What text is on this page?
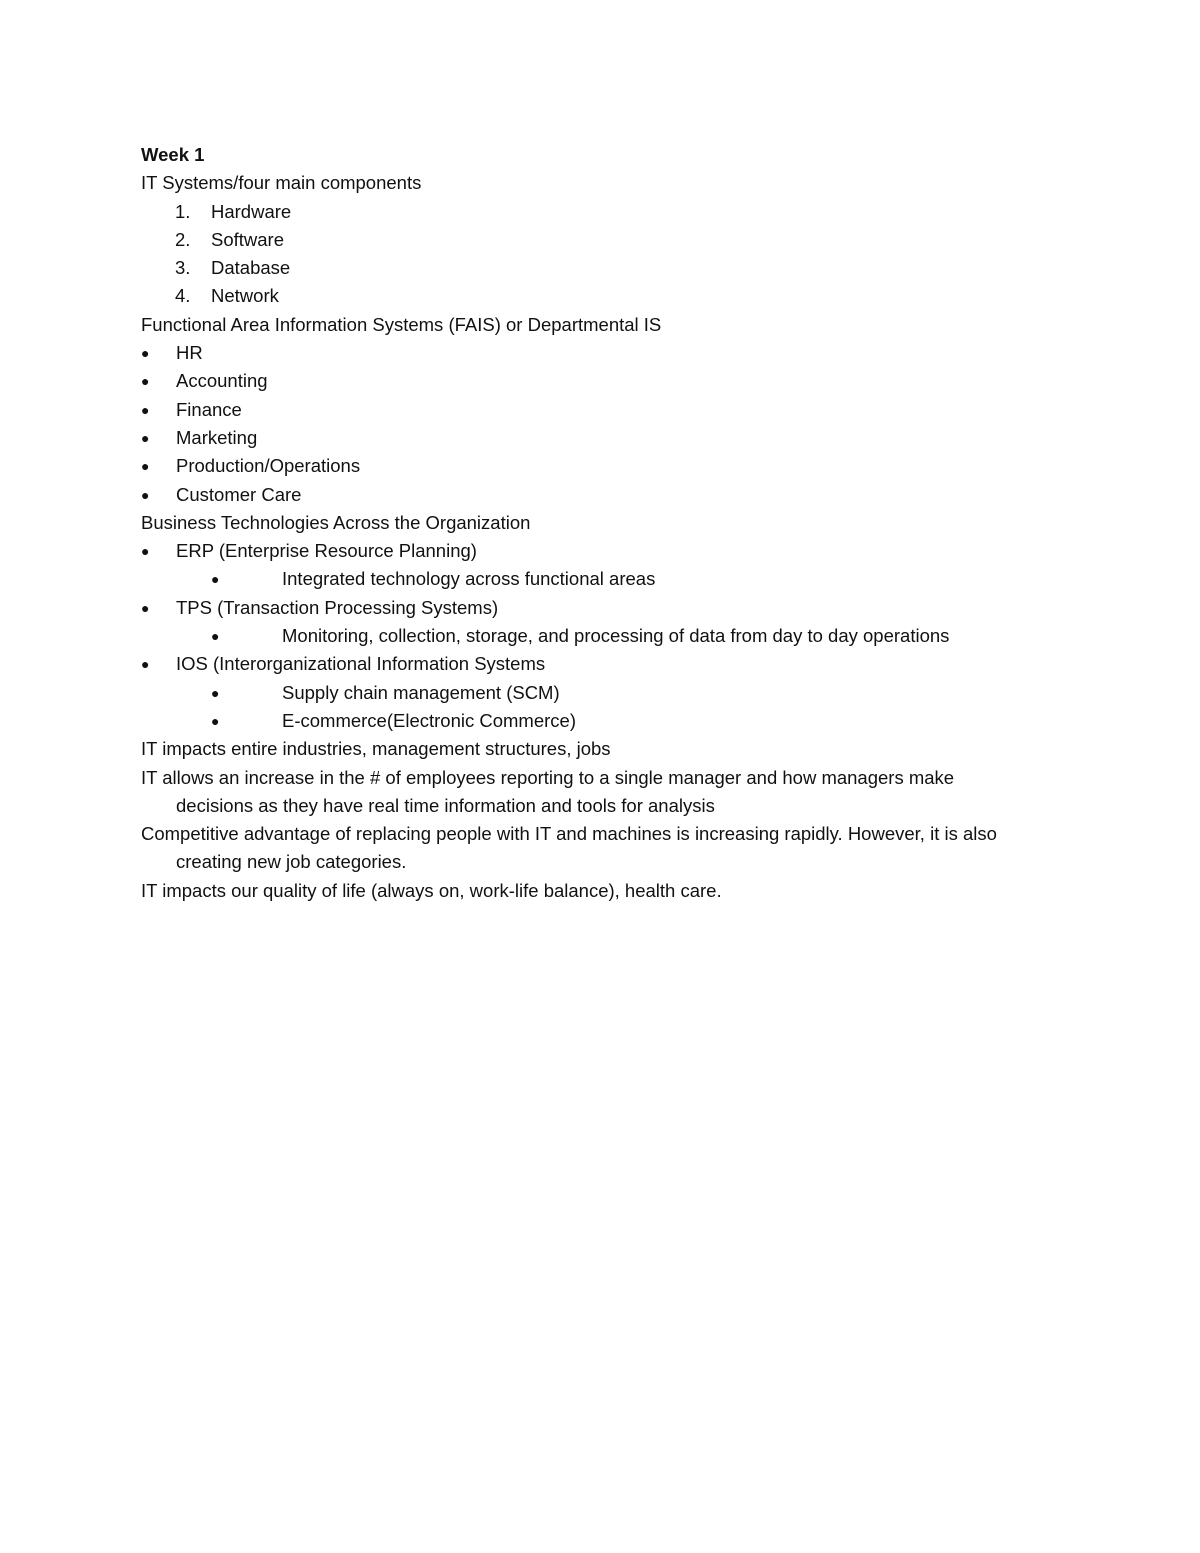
Week 1
IT Systems/four main components
1. Hardware
2. Software
3. Database
4. Network
Functional Area Information Systems (FAIS) or Departmental IS
● HR
● Accounting
● Finance
● Marketing
● Production/Operations
● Customer Care
Business Technologies Across the Organization
● ERP (Enterprise Resource Planning)
●	Integrated technology across functional areas
● TPS (Transaction Processing Systems)
●	Monitoring, collection, storage, and processing of data from day to day operations
● IOS (Interorganizational Information Systems
●	Supply chain management (SCM)
●	E-commerce(Electronic Commerce)
IT impacts entire industries, management structures, jobs
IT allows an increase in the # of employees reporting to a single manager and how managers make
decisions as they have real time information and tools for analysis
Competitive advantage of replacing people with IT and machines is increasing rapidly. However, it is also
creating new job categories.
IT impacts our quality of life (always on, work-life balance), health care.
